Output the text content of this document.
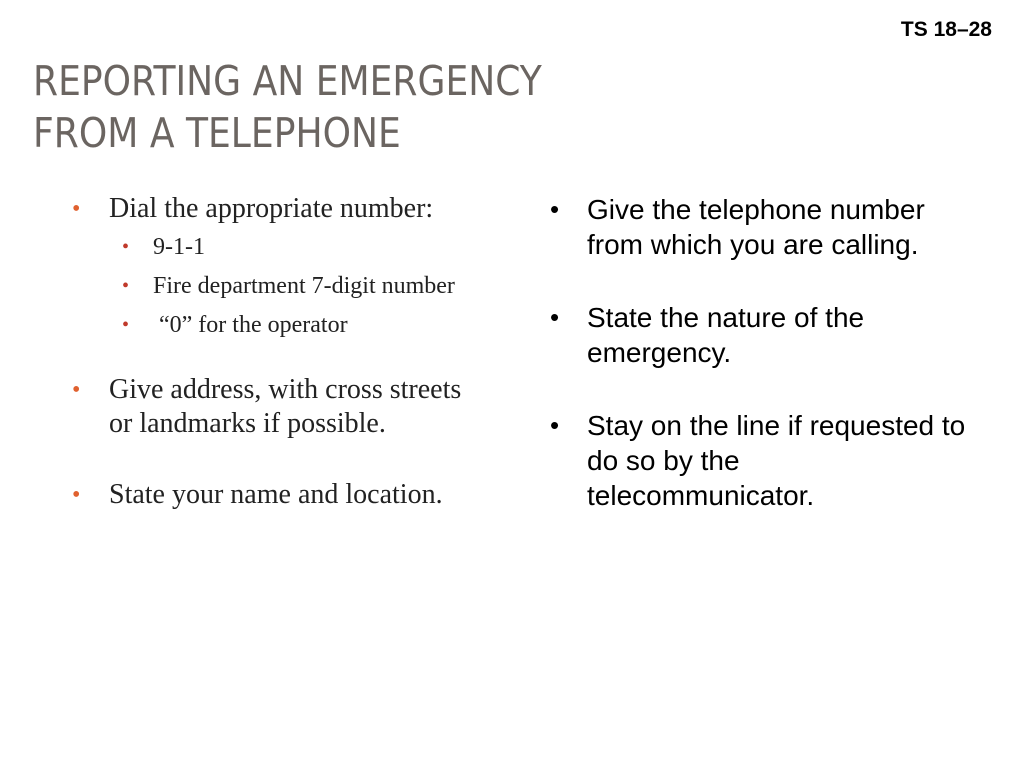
TS 18–28
REPORTING AN EMERGENCY
FROM A TELEPHONE
• Dial the appropriate number:
• 9-1-1
• Fire department 7-digit number
• “0” for the operator
• Give address, with cross streets or landmarks if possible.
• State your name and location.
• Give the telephone number from which you are calling.
• State the nature of the emergency.
• Stay on the line if requested to do so by the telecommunicator.
